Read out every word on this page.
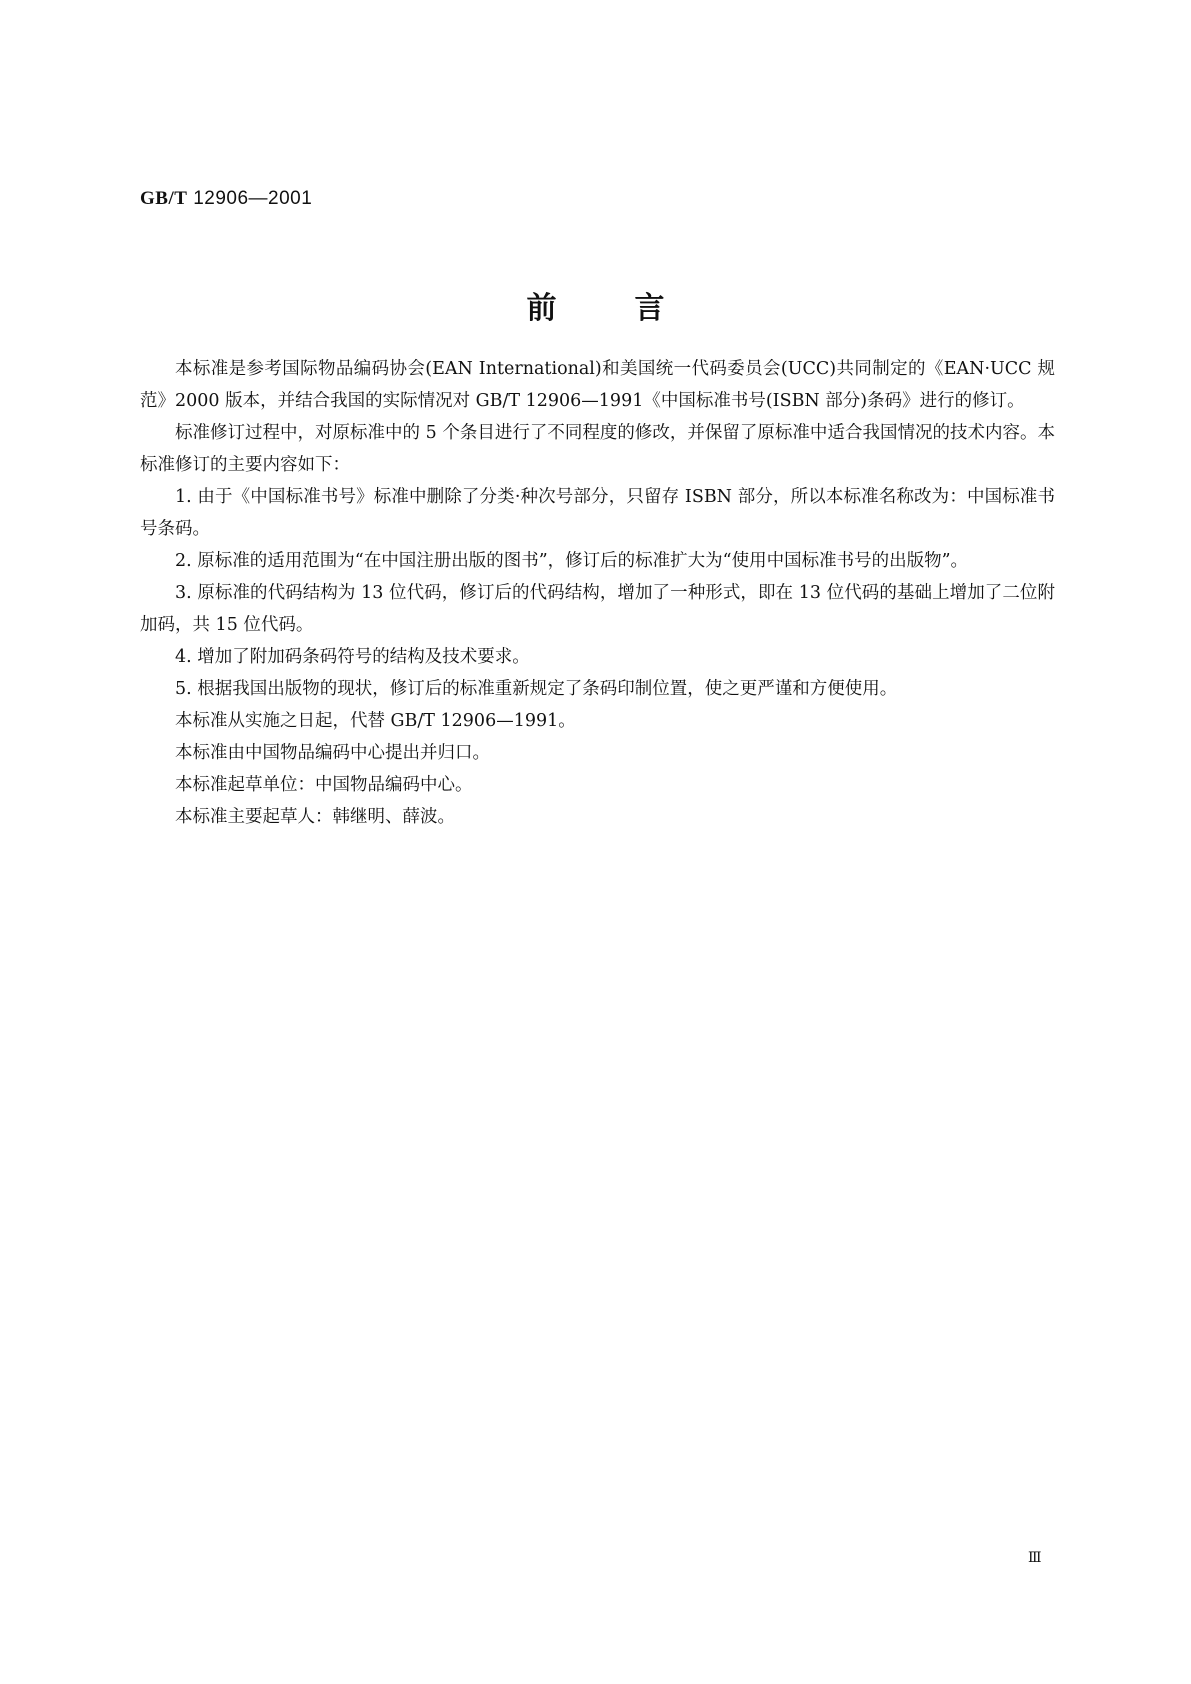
GB/T 12906—2001
前言

本标准是参考国际物品编码协会(EAN International)和美国统一代码委员会(UCC)共同制定的《EAN·UCC 规范》2000 版本，并结合我国的实际情况对 GB/T 12906—1991《中国标准书号(ISBN 部分)条码》进行的修订。

标准修订过程中，对原标准中的 5 个条目进行了不同程度的修改，并保留了原标准中适合我国情况的技术内容。本标准修订的主要内容如下：

1. 由于《中国标准书号》标准中删除了分类·种次号部分，只留存 ISBN 部分，所以本标准名称改为：中国标准书号条码。

2. 原标准的适用范围为“在中国注册出版的图书”，修订后的标准扩大为“使用中国标准书号的出版物”。

3. 原标准的代码结构为 13 位代码，修订后的代码结构，增加了一种形式，即在 13 位代码的基础上增加了二位附加码，共 15 位代码。

4. 增加了附加码条码符号的结构及技术要求。

5. 根据我国出版物的现状，修订后的标准重新规定了条码印制位置，使之更严谨和方便使用。

本标准从实施之日起，代替 GB/T 12906—1991。

本标准由中国物品编码中心提出并归口。

本标准起草单位：中国物品编码中心。

本标准主要起草人：韩继明、薛波。

Ⅲ
